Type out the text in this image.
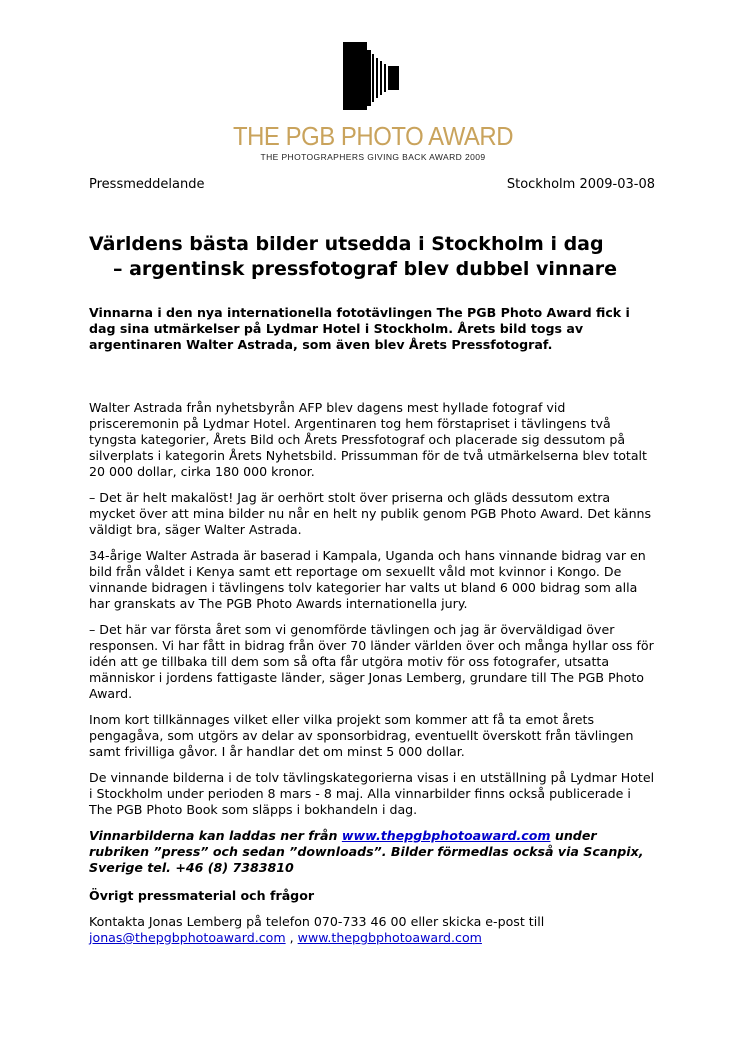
THE PGB PHOTO AWARD
THE PHOTOGRAPHERS GIVING BACK AWARD 2009
Pressmeddelande	Stockholm 2009-03-08
Världens bästa bilder utsedda i Stockholm i dag
– argentinsk pressfotograf blev dubbel vinnare

Vinnarna i den nya internationella fototävlingen The PGB Photo Award fick i dag sina utmärkelser på Lydmar Hotel i Stockholm. Årets bild togs av argentinaren Walter Astrada, som även blev Årets Pressfotograf.

Walter Astrada från nyhetsbyrån AFP blev dagens mest hyllade fotograf vid prisceremonin på Lydmar Hotel. Argentinaren tog hem förstapriset i tävlingens två tyngsta kategorier, Årets Bild och Årets Pressfotograf och placerade sig dessutom på silverplats i kategorin Årets Nyhetsbild. Prissumman för de två utmärkelserna blev totalt 20 000 dollar, cirka 180 000 kronor.

– Det är helt makalöst! Jag är oerhört stolt över priserna och gläds dessutom extra mycket över att mina bilder nu når en helt ny publik genom PGB Photo Award. Det känns väldigt bra, säger Walter Astrada.

34-årige Walter Astrada är baserad i Kampala, Uganda och hans vinnande bidrag var en bild från våldet i Kenya samt ett reportage om sexuellt våld mot kvinnor i Kongo. De vinnande bidragen i tävlingens tolv kategorier har valts ut bland 6 000 bidrag som alla har granskats av The PGB Photo Awards internationella jury.

– Det här var första året som vi genomförde tävlingen och jag är överväldigad över responsen. Vi har fått in bidrag från över 70 länder världen över och många hyllar oss för idén att ge tillbaka till dem som så ofta får utgöra motiv för oss fotografer, utsatta människor i jordens fattigaste länder, säger Jonas Lemberg, grundare till The PGB Photo Award.

Inom kort tillkännages vilket eller vilka projekt som kommer att få ta emot årets pengagåva, som utgörs av delar av sponsorbidrag, eventuellt överskott från tävlingen samt frivilliga gåvor. I år handlar det om minst 5 000 dollar.

De vinnande bilderna i de tolv tävlingskategorierna visas i en utställning på Lydmar Hotel i Stockholm under perioden 8 mars - 8 maj. Alla vinnarbilder finns också publicerade i The PGB Photo Book som släpps i bokhandeln i dag.

Vinnarbilderna kan laddas ner från www.thepgbphotoaward.com under rubriken ”press” och sedan ”downloads”. Bilder förmedlas också via Scanpix, Sverige tel. +46 (8) 7383810

Övrigt pressmaterial och frågor

Kontakta Jonas Lemberg på telefon 070-733 46 00 eller skicka e-post till
jonas@thepgbphotoaward.com , www.thepgbphotoaward.com
